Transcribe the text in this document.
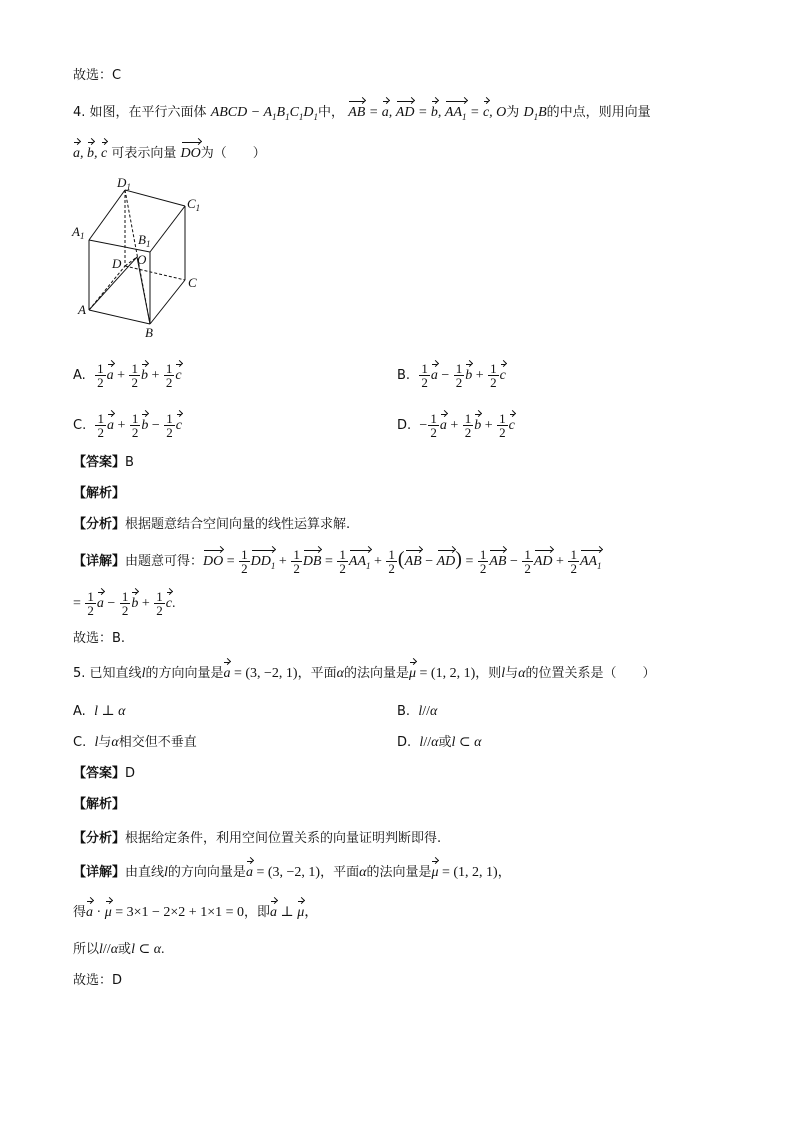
故选：C
4. 如图，在平行六面体 ABCD − $A_1B_1C_1D_1$中， AB = a, AD = b, $AA_1 = c$, O为 $D_1B$的中点，则用向量
a, b, c 可表示向量 DO为（　　）
$D_1$
$C_1$
$A_1$	$B_1$
D O
C
A
B
A. $\frac{1}{2}$ $a + \frac{1}{2}$ $b + \frac{1}{2}$ c	B. $\frac{1}{2}$ $a - \frac{1}{2}$ $b + \frac{1}{2}$ c
C. $\frac{1}{2}$ $a + \frac{1}{2}$ $b - \frac{1}{2}$ c	D. − $\frac{1}{2}$ $a + \frac{1}{2}$ $b + \frac{1}{2}$ c
【答案】B
【解析】
【分析】根据题意结合空间向量的线性运算求解.
【详解】由题意可得：DO = $\frac{1}{2} DD_1 + \frac{1}{2}$ DB = $\frac{1}{2} AA_1 + \frac{1}{2} (AB - AD) = \frac{1}{2}$ AB − $\frac{1}{2}$ AD + $\frac{1}{2} AA_1$
= $\frac{1}{2}$ $a - \frac{1}{2}$ $b + \frac{1}{2} c$.
故选：B.
5. 已知直线l的方向向量是a = (3, −2, 1)，平面α的法向量是μ = (1, 2, 1)，则l与α的位置关系是（　　）
A. l ⊥ α	B. l//α
C. l与α相交但不垂直	D. l//α或l ⊂ α
【答案】D
【解析】
【分析】根据给定条件，利用空间位置关系的向量证明判断即得.
【详解】由直线l的方向向量是a = (3, −2, 1)，平面α的法向量是μ = (1, 2, 1)，
得a · μ = 3×1 − 2×2 + 1×1 = 0，即a ⊥ μ，
所以l//α或l ⊂ α.
故选：D
